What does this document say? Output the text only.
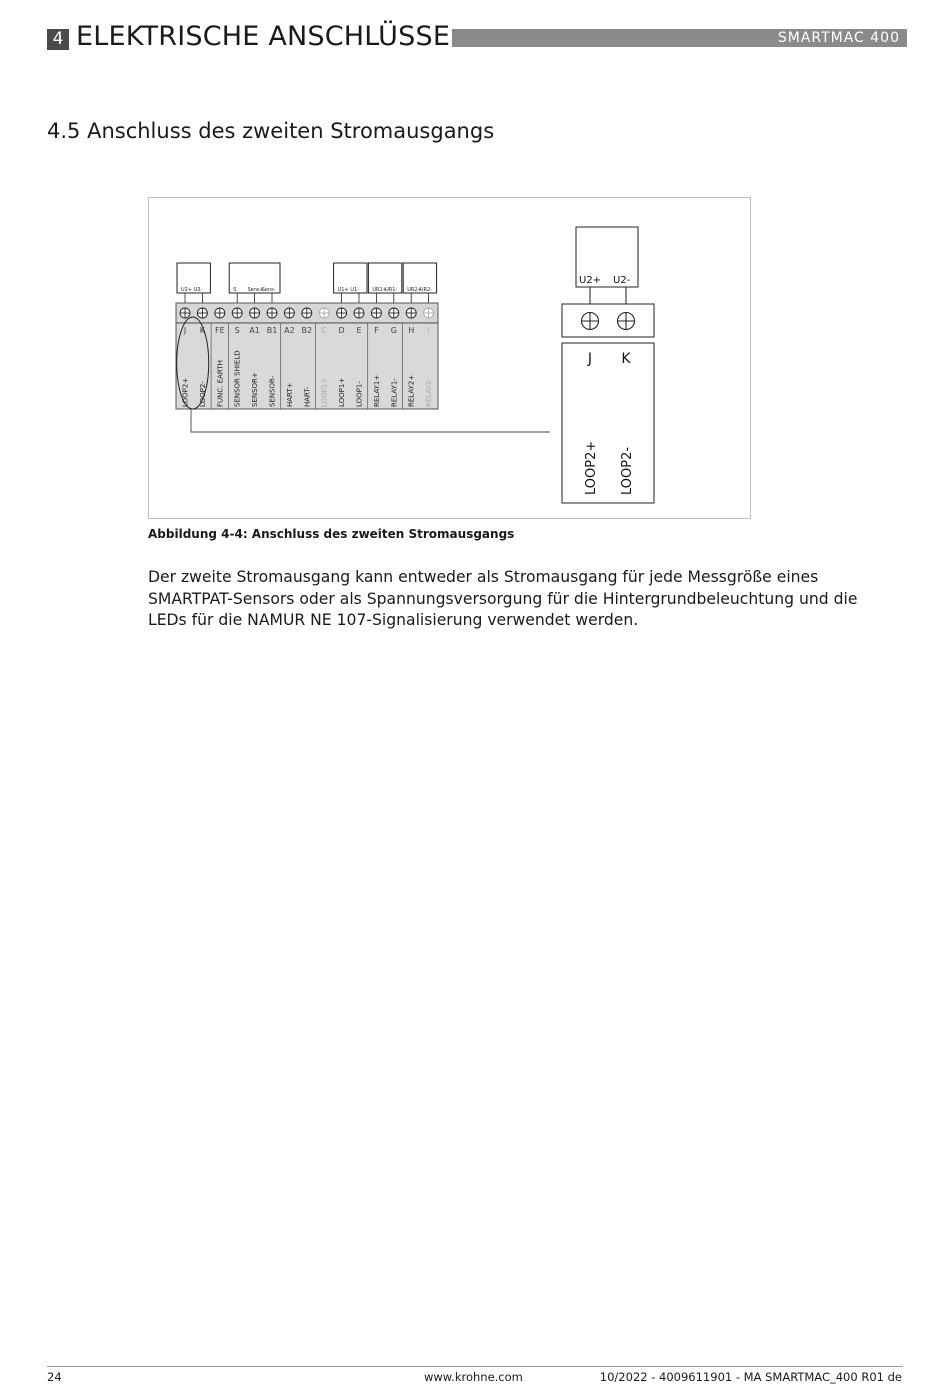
4 ELEKTRISCHE ANSCHLÜSSE	SMARTMAC 400
4.5 Anschluss des zweiten Stromausgangs
U2+ U2-	S Sens+
Sens-	U1+ U1-	UR1+
UR1- UR2+
UR2-
J
LOOP2+
K
LOOP2-
FE
FUNC. EARTH
S
SENSOR SHIELD
A1
SENSOR+
B1
SENSOR-
A2
HART+
B2
HART-
C
LOOP1+
D
LOOP1+
E
LOOP1-
F
RELAY1+
G
RELAY1-
H
RELAY2+
I
RELAY2-
U2+ U2-
J K
LOOP2+ LOOP2-
Abbildung 4-4: Anschluss des zweiten Stromausgangs
Der zweite Stromausgang kann entweder als Stromausgang für jede Messgröße eines SMARTPAT-Sensors oder als Spannungsversorgung für die Hintergrundbeleuchtung und die LEDs für die NAMUR NE 107-Signalisierung verwendet werden.
24	www.krohne.com	10/2022 - 4009611901 - MA SMARTMAC_400 R01 de
